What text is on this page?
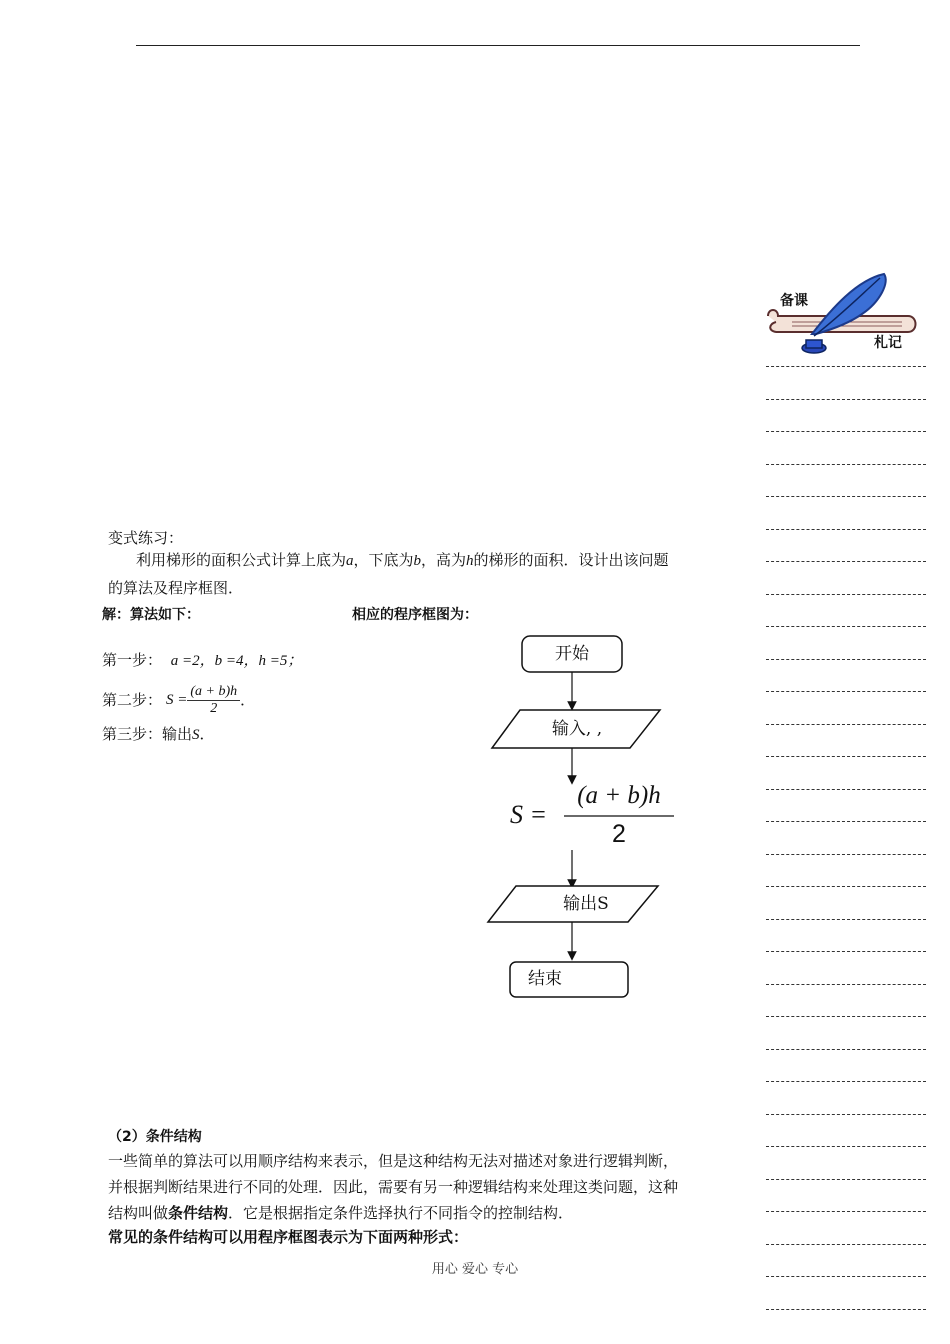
备课
札记
变式练习：
利用梯形的面积公式计算上底为a，下底为b，高为h的梯形的面积．设计出该问题
的算法及程序框图．
解：算法如下：	相应的程序框图为：
第一步： a =2，b =4，h =5；
第二步： $S = \frac{(a + b)h}{2}$ ．
第三步：输出S．
开始
输入, ,
S =
(a + b)h
2
输出S
结束
（2）条件结构
一些简单的算法可以用顺序结构来表示，但是这种结构无法对描述对象进行逻辑判断，
并根据判断结果进行不同的处理．因此，需要有另一种逻辑结构来处理这类问题，这种
结构叫做条件结构．它是根据指定条件选择执行不同指令的控制结构．
常见的条件结构可以用程序框图表示为下面两种形式：
用心 爱心 专心
